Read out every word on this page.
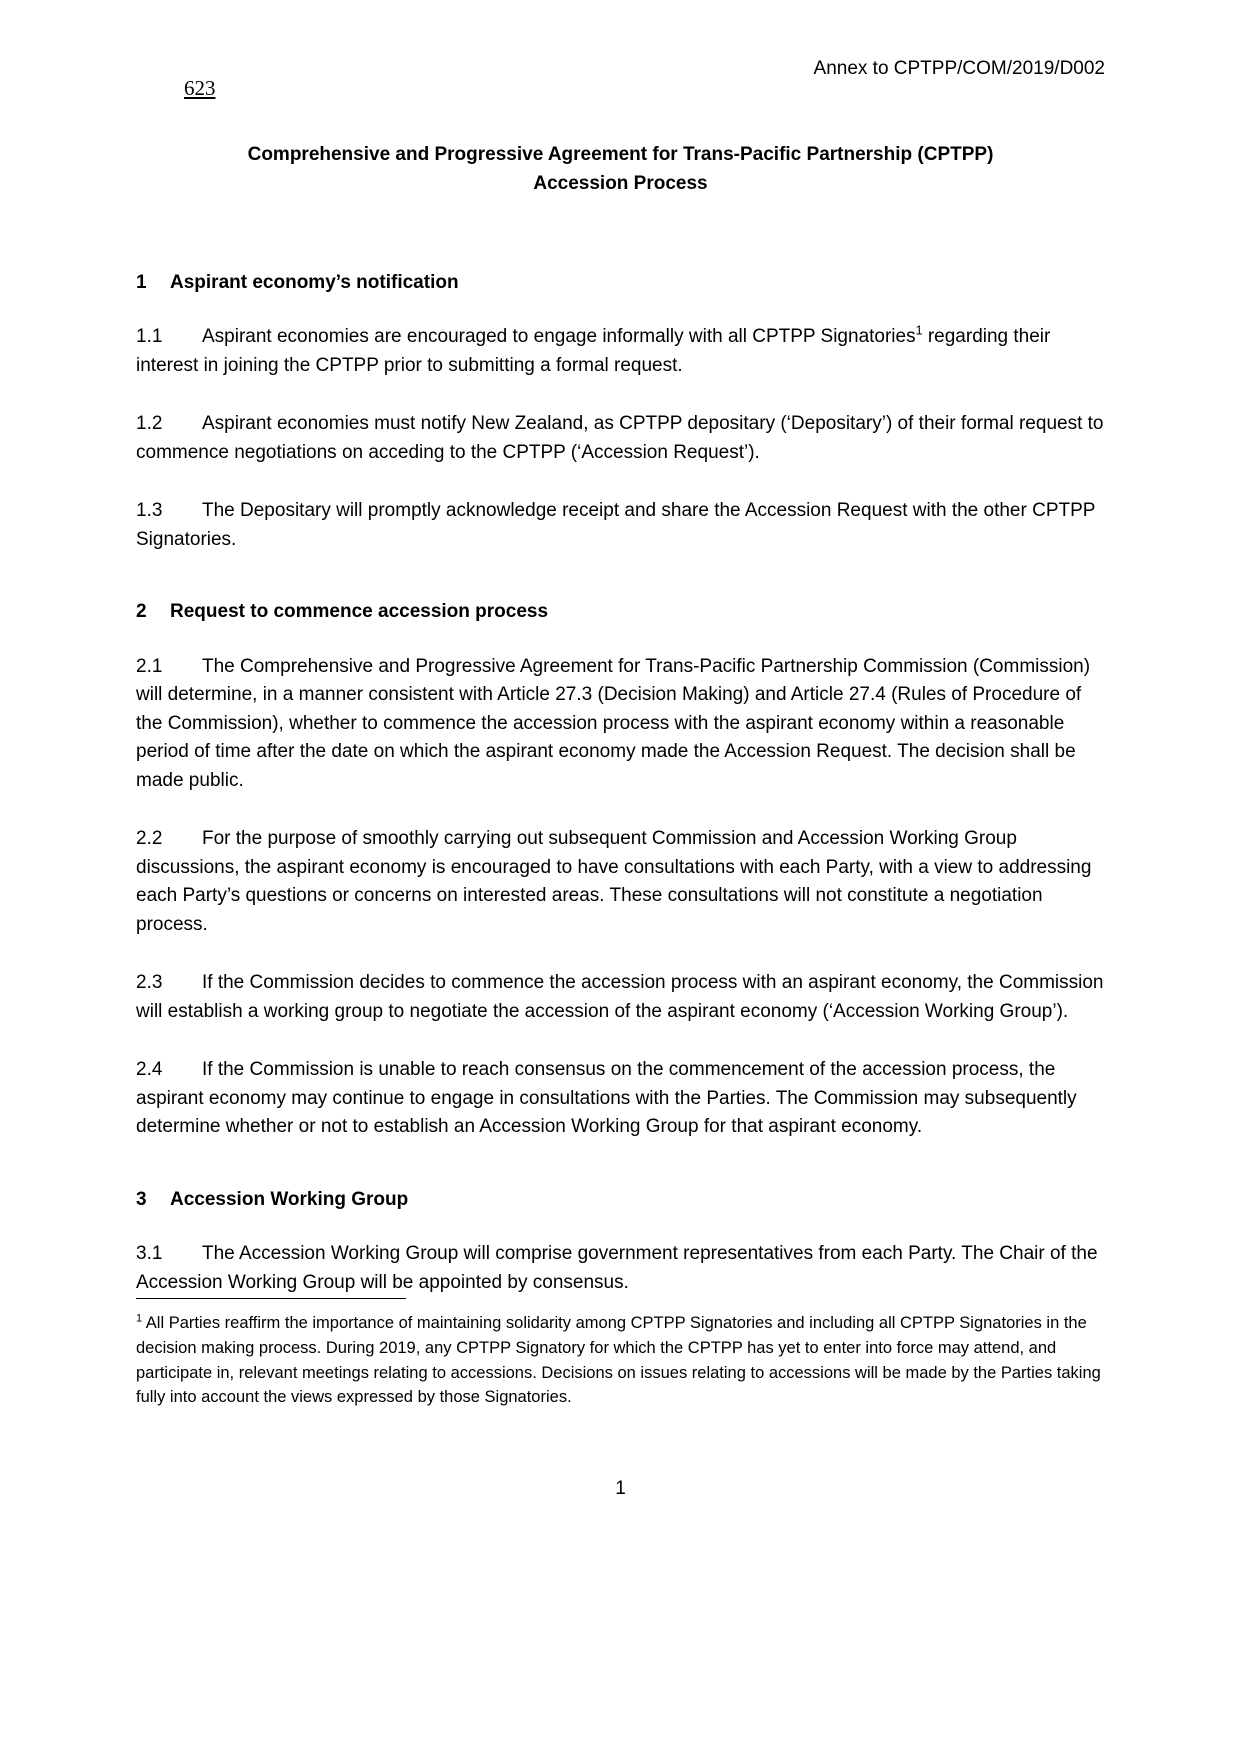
623
Annex to CPTPP/COM/2019/D002
Comprehensive and Progressive Agreement for Trans-Pacific Partnership (CPTPP)
Accession Process
1 Aspirant economy’s notification

1.1 Aspirant economies are encouraged to engage informally with all CPTPP Signatories$^1$ regarding their interest in joining the CPTPP prior to submitting a formal request.

1.2 Aspirant economies must notify New Zealand, as CPTPP depositary (‘Depositary’) of their formal request to commence negotiations on acceding to the CPTPP (‘Accession Request’).

1.3 The Depositary will promptly acknowledge receipt and share the Accession Request with the other CPTPP Signatories.

2 Request to commence accession process

2.1 The Comprehensive and Progressive Agreement for Trans-Pacific Partnership Commission (Commission) will determine, in a manner consistent with Article 27.3 (Decision Making) and Article 27.4 (Rules of Procedure of the Commission), whether to commence the accession process with the aspirant economy within a reasonable period of time after the date on which the aspirant economy made the Accession Request. The decision shall be made public.

2.2 For the purpose of smoothly carrying out subsequent Commission and Accession Working Group discussions, the aspirant economy is encouraged to have consultations with each Party, with a view to addressing each Party’s questions or concerns on interested areas. These consultations will not constitute a negotiation process.

2.3 If the Commission decides to commence the accession process with an aspirant economy, the Commission will establish a working group to negotiate the accession of the aspirant economy (‘Accession Working Group’).

2.4 If the Commission is unable to reach consensus on the commencement of the accession process, the aspirant economy may continue to engage in consultations with the Parties. The Commission may subsequently determine whether or not to establish an Accession Working Group for that aspirant economy.

3 Accession Working Group

3.1 The Accession Working Group will comprise government representatives from each Party. The Chair of the Accession Working Group will be appointed by consensus.

$^1$ All Parties reaffirm the importance of maintaining solidarity among CPTPP Signatories and including all CPTPP Signatories in the decision making process. During 2019, any CPTPP Signatory for which the CPTPP has yet to enter into force may attend, and participate in, relevant meetings relating to accessions. Decisions on issues relating to accessions will be made by the Parties taking fully into account the views expressed by those Signatories.
1
